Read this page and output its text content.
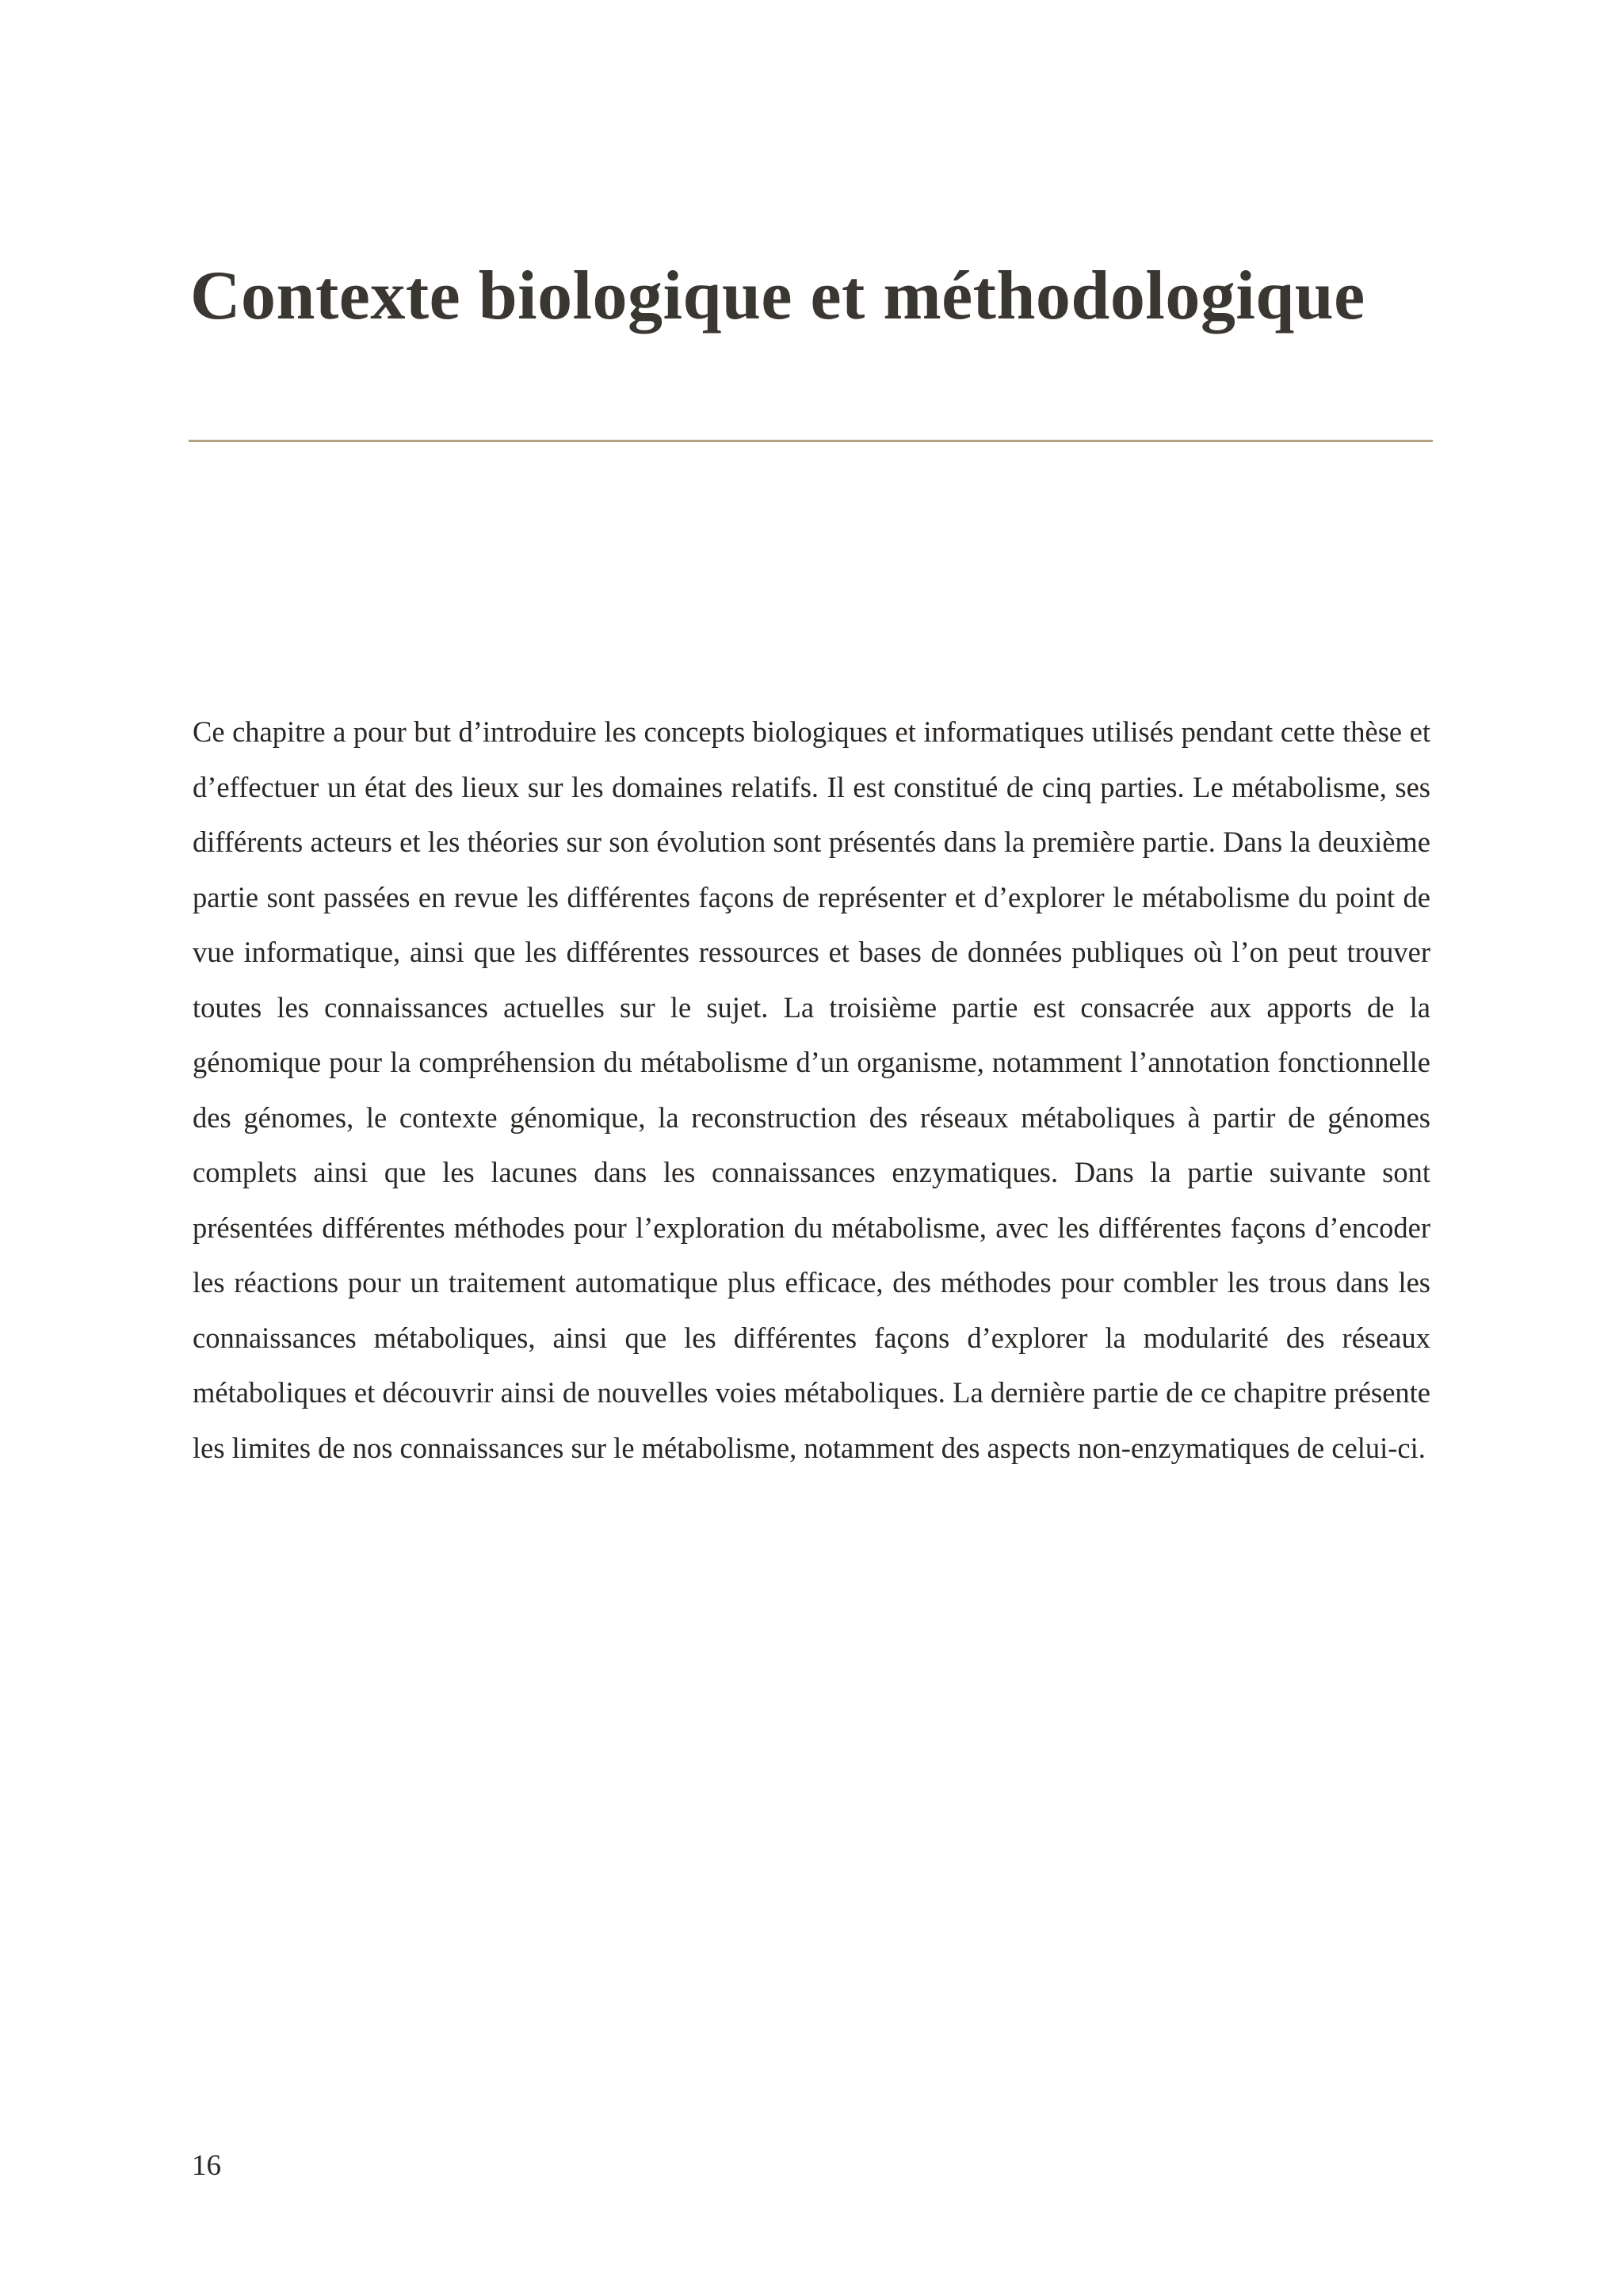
Contexte biologique et méthodologique

Ce chapitre a pour but d’introduire les concepts biologiques et informatiques utilisés pendant cette thèse et d’effectuer un état des lieux sur les domaines relatifs. Il est constitué de cinq parties. Le métabolisme, ses différents acteurs et les théories sur son évolution sont présentés dans la première partie. Dans la deuxième partie sont passées en revue les différentes façons de représenter et d’explorer le métabolisme du point de vue informatique, ainsi que les différentes ressources et bases de données publiques où l’on peut trouver toutes les connaissances actuelles sur le sujet. La troisième partie est consacrée aux apports de la génomique pour la compréhension du métabolisme d’un organisme, notamment l’annotation fonctionnelle des génomes, le contexte génomique, la reconstruction des réseaux métaboliques à partir de génomes complets ainsi que les lacunes dans les connaissances enzymatiques. Dans la partie suivante sont présentées différentes méthodes pour l’exploration du métabolisme, avec les différentes façons d’encoder les réactions pour un traitement automatique plus efficace, des méthodes pour combler les trous dans les connaissances métaboliques, ainsi que les différentes façons d’explorer la modularité des réseaux métaboliques et découvrir ainsi de nouvelles voies métaboliques. La dernière partie de ce chapitre présente les limites de nos connaissances sur le métabolisme, notamment des aspects non-enzymatiques de celui-ci.

16
